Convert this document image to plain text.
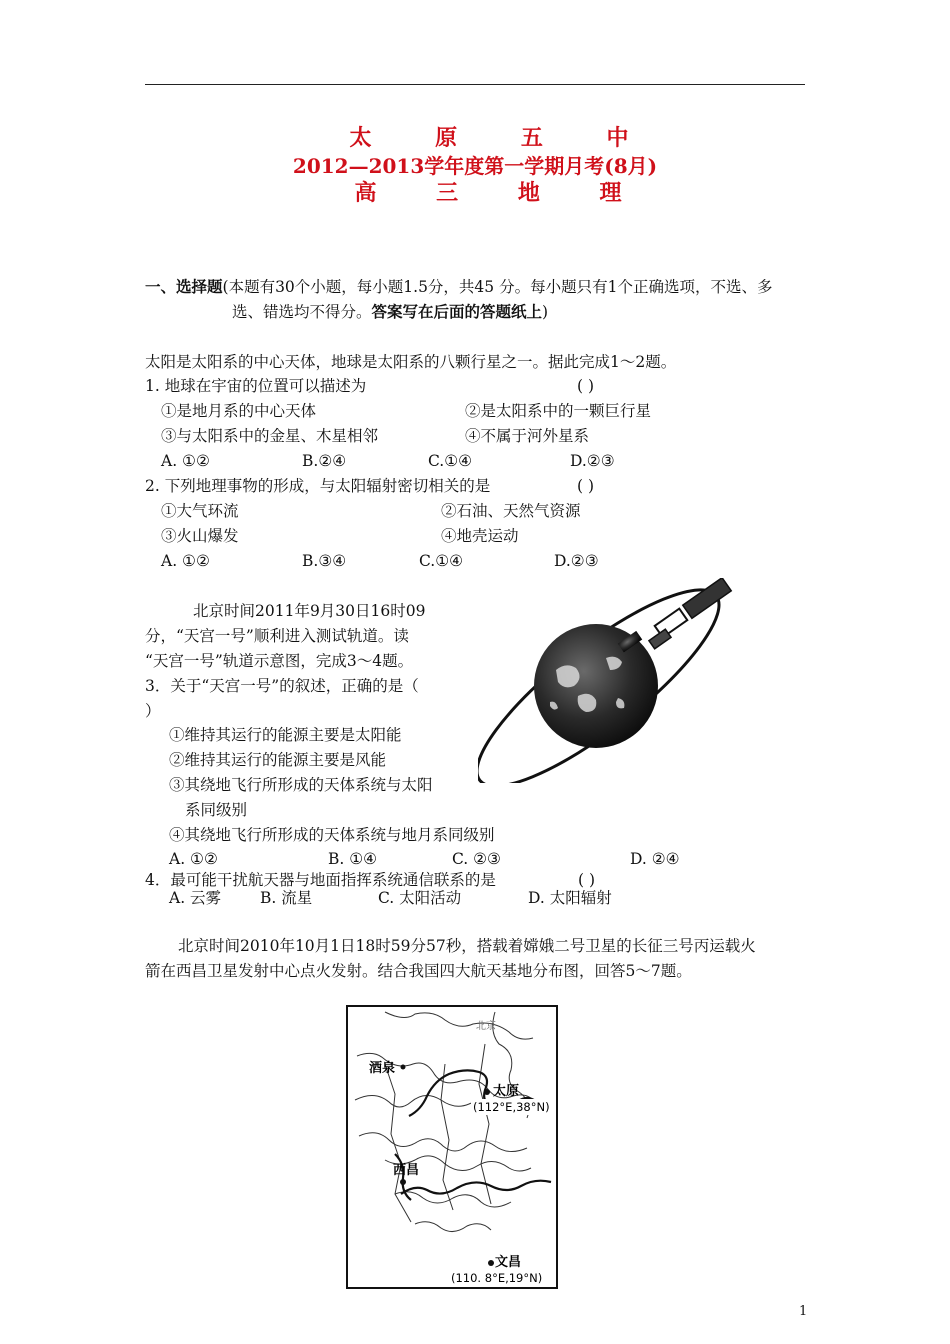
太 原 五 中
2012—2013学年度第一学期月考(8月)
高 三 地 理
一、选择题(本题有30个小题，每小题1.5分，共45 分。每小题只有1个正确选项，不选、多
选、错选均不得分。答案写在后面的答题纸上)
太阳是太阳系的中心天体，地球是太阳系的八颗行星之一。据此完成1～2题。
1. 地球在宇宙的位置可以描述为	( )
①是地月系的中心天体	②是太阳系中的一颗巨行星
③与太阳系中的金星、木星相邻	④不属于河外星系
A. ①②	B.②④	C.①④	D.②③
2. 下列地理事物的形成，与太阳辐射密切相关的是	( )
①大气环流	②石油、天然气资源
③火山爆发	④地壳运动
A. ①②	B.③④	C.①④	D.②③
北京时间2011年9月30日16时09
分，“天宫一号”顺利进入测试轨道。读
“天宫一号”轨道示意图，完成3～4题。
3．关于“天宫一号”的叙述，正确的是（
）
①维持其运行的能源主要是太阳能
②维持其运行的能源主要是风能
③其绕地飞行所形成的天体系统与太阳
系同级别
④其绕地飞行所形成的天体系统与地月系同级别
A. ①②	B. ①④	C. ②③	D. ②④
4．最可能干扰航天器与地面指挥系统通信联系的是	( )
A. 云雾	B. 流星	C. 太阳活动	D. 太阳辐射
北京时间2010年10月1日18时59分57秒，搭载着嫦娥二号卫星的长征三号丙运载火
箭在西昌卫星发射中心点火发射。结合我国四大航天基地分布图，回答5～7题。
酒泉
北京
太原
(112°E,38°N)
西昌
文昌
(110. 8°E,19°N)
1
